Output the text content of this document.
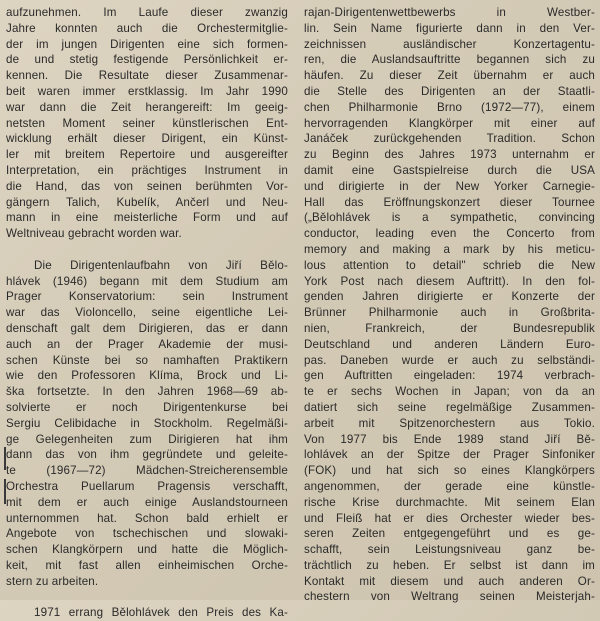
aufzunehmen. Im Laufe dieser zwanzig
Jahre konnten auch die Orchestermitglie-
der im jungen Dirigenten eine sich formen-
de und stetig festigende Persönlichkeit er-
kennen. Die Resultate dieser Zusammenar-
beit waren immer erstklassig. Im Jahr 1990
war dann die Zeit herangereift: Im geeig-
netsten Moment seiner künstlerischen Ent-
wicklung erhält dieser Dirigent, ein Künst-
ler mit breitem Repertoire und ausgereifter
Interpretation, ein prächtiges Instrument in
die Hand, das von seinen berühmten Vor-
gängern Talich, Kubelík, Ančerl und Neu-
mann in eine meisterliche Form und auf
Weltniveau gebracht worden war.
Die Dirigentenlaufbahn von Jiří Bělo-
hlávek (1946) begann mit dem Studium am
Prager Konservatorium: sein Instrument
war das Violoncello, seine eigentliche Lei-
denschaft galt dem Dirigieren, das er dann
auch an der Prager Akademie der musi-
schen Künste bei so namhaften Praktikern
wie den Professoren Klíma, Brock und Li-
ška fortsetzte. In den Jahren 1968—69 ab-
solvierte er noch Dirigentenkurse bei
Sergiu Celibidache in Stockholm. Regelmäßi-
ge Gelegenheiten zum Dirigieren hat ihm
dann das von ihm gegründete und geleite-
te (1967—72) Mädchen-Streicherensemble
Orchestra Puellarum Pragensis verschafft,
mit dem er auch einige Auslandstourneen
unternommen hat. Schon bald erhielt er
Angebote von tschechischen und slowaki-
schen Klangkörpern und hatte die Möglich-
keit, mit fast allen einheimischen Orche-
stern zu arbeiten.
1971 errang Bělohlávek den Preis des Ka-
rajan-Dirigentenwettbewerbs in Westber-
lin. Sein Name figurierte dann in den Ver-
zeichnissen ausländischer Konzertagentu-
ren, die Auslandsauftritte begannen sich zu
häufen. Zu dieser Zeit übernahm er auch
die Stelle des Dirigenten an der Staatli-
chen Philharmonie Brno (1972—77), einem
hervorragenden Klangkörper mit einer auf
Janáček zurückgehenden Tradition. Schon
zu Beginn des Jahres 1973 unternahm er
damit eine Gastspielreise durch die USA
und dirigierte in der New Yorker Carnegie-
Hall das Eröffnungskonzert dieser Tournee
(„Bělohlávek is a sympathetic, convincing
conductor, leading even the Concerto from
memory and making a mark by his meticu-
lous attention to detail" schrieb die New
York Post nach diesem Auftritt). In den fol-
genden Jahren dirigierte er Konzerte der
Brünner Philharmonie auch in Großbrita-
nien, Frankreich, der Bundesrepublik
Deutschland und anderen Ländern Euro-
pas. Daneben wurde er auch zu selbständi-
gen Auftritten eingeladen: 1974 verbrach-
te er sechs Wochen in Japan; von da an
datiert sich seine regelmäßige Zusammen-
arbeit mit Spitzenorchestern aus Tokio.
Von 1977 bis Ende 1989 stand Jiří Bě-
lohlávek an der Spitze der Prager Sinfoniker
(FOK) und hat sich so eines Klangkörpers
angenommen, der gerade eine künstle-
rische Krise durchmachte. Mit seinem Elan
und Fleiß hat er dies Orchester wieder bes-
seren Zeiten entgegengeführt und es ge-
schafft, sein Leistungsniveau ganz be-
trächtlich zu heben. Er selbst ist dann im
Kontakt mit diesem und auch anderen Or-
chestern von Weltrang seinen Meisterjah-
